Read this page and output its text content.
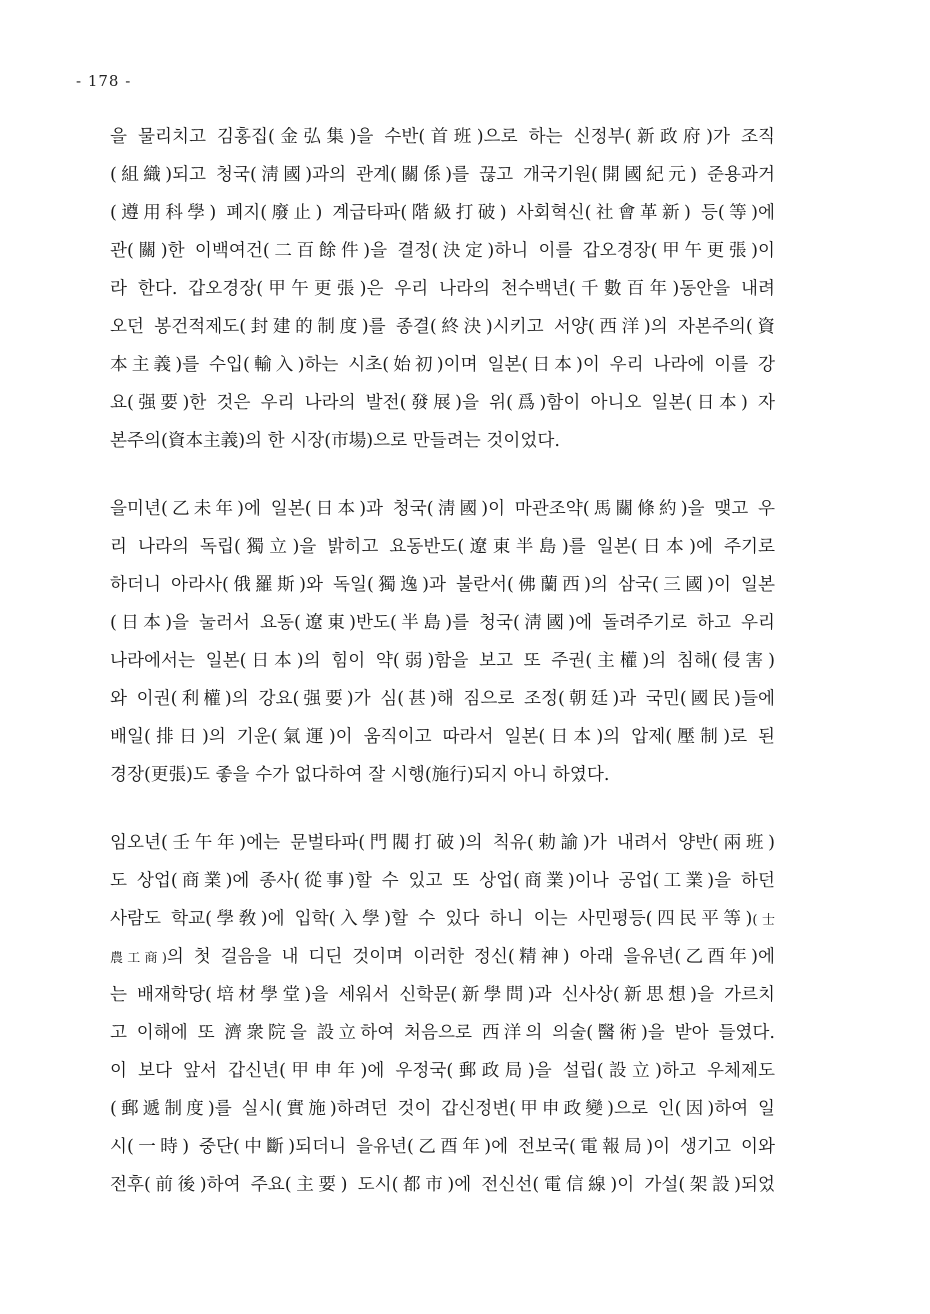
- 178 -
을 물리치고 김홍집(金弘集)을 수반(首班)으로 하는 신정부(新政府)가 조직
(組織)되고 청국(淸國)과의 관계(關係)를 끊고 개국기원(開國紀元) 준용과거
(遵用科學) 폐지(廢止) 계급타파(階級打破) 사회혁신(社會革新) 등(等)에
관(關)한 이백여건(二百餘件)을 결정(決定)하니 이를 갑오경장(甲午更張)이
라 한다. 갑오경장(甲午更張)은 우리 나라의 천수백년(千數百年)동안을 내려
오던 봉건적제도(封建的制度)를 종결(終決)시키고 서양(西洋)의 자본주의(資
本主義)를 수입(輸入)하는 시초(始初)이며 일본(日本)이 우리 나라에 이를 강
요(强要)한 것은 우리 나라의 발전(發展)을 위(爲)함이 아니오 일본(日本) 자
본주의(資本主義)의 한 시장(市場)으로 만들려는 것이었다.
을미년(乙未年)에 일본(日本)과 청국(淸國)이 마관조약(馬關條約)을 맺고 우
리 나라의 독립(獨立)을 밝히고 요동반도(遼東半島)를 일본(日本)에 주기로
하더니 아라사(俄羅斯)와 독일(獨逸)과 불란서(佛蘭西)의 삼국(三國)이 일본
(日本)을 눌러서 요동(遼東)반도(半島)를 청국(淸國)에 돌려주기로 하고 우리
나라에서는 일본(日本)의 힘이 약(弱)함을 보고 또 주권(主權)의 침해(侵害)
와 이권(利權)의 강요(强要)가 심(甚)해 짐으로 조정(朝廷)과 국민(國民)들에
배일(排日)의 기운(氣運)이 움직이고 따라서 일본(日本)의 압제(壓制)로 된
경장(更張)도 좋을 수가 없다하여 잘 시행(施行)되지 아니 하였다.
임오년(壬午年)에는 문벌타파(門閥打破)의 칙유(勅諭)가 내려서 양반(兩班)
도 상업(商業)에 종사(從事)할 수 있고 또 상업(商業)이나 공업(工業)을 하던
사람도 학교(學敎)에 입학(入學)할 수 있다 하니 이는 사민평등(四民平等)(士
農工商)의 첫 걸음을 내 디딘 것이며 이러한 정신(精神) 아래 을유년(乙酉年)에
는 배재학당(培材學堂)을 세워서 신학문(新學問)과 신사상(新思想)을 가르치
고 이해에 또 濟衆院을 設立하여 처음으로 西洋의 의술(醫術)을 받아 들였다.
이 보다 앞서 갑신년(甲申年)에 우정국(郵政局)을 설립(設立)하고 우체제도
(郵遞制度)를 실시(實施)하려던 것이 갑신정변(甲申政變)으로 인(因)하여 일
시(一時) 중단(中斷)되더니 을유년(乙酉年)에 전보국(電報局)이 생기고 이와
전후(前後)하여 주요(主要) 도시(都市)에 전신선(電信線)이 가설(架設)되었
